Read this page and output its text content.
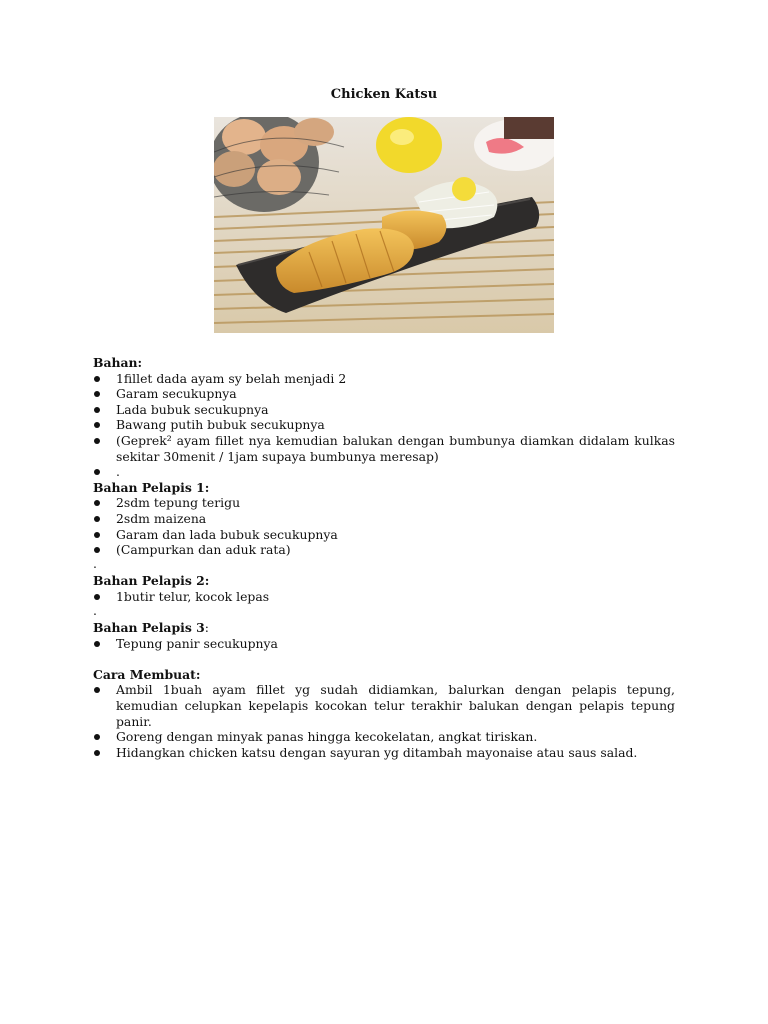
Chicken Katsu
Bahan:
1fillet dada ayam sy belah menjadi 2
Garam secukupnya
Lada bubuk secukupnya
Bawang putih bubuk secukupnya
(Geprek² ayam fillet nya kemudian balukan dengan bumbunya diamkan didalam kulkas sekitar 30menit / 1jam supaya bumbunya meresap)
.
Bahan Pelapis 1:
2sdm tepung terigu
2sdm maizena
Garam dan lada bubuk secukupnya
(Campurkan dan aduk rata)
.
Bahan Pelapis 2:
1butir telur, kocok lepas
.
Bahan Pelapis 3:
Tepung panir secukupnya
Cara Membuat:
Ambil 1buah ayam fillet yg sudah didiamkan, balurkan dengan pelapis tepung, kemudian celupkan kepelapis kocokan telur terakhir balukan dengan pelapis tepung panir.
Goreng dengan minyak panas hingga kecokelatan, angkat tiriskan.
Hidangkan chicken katsu dengan sayuran yg ditambah mayonaise atau saus salad.
